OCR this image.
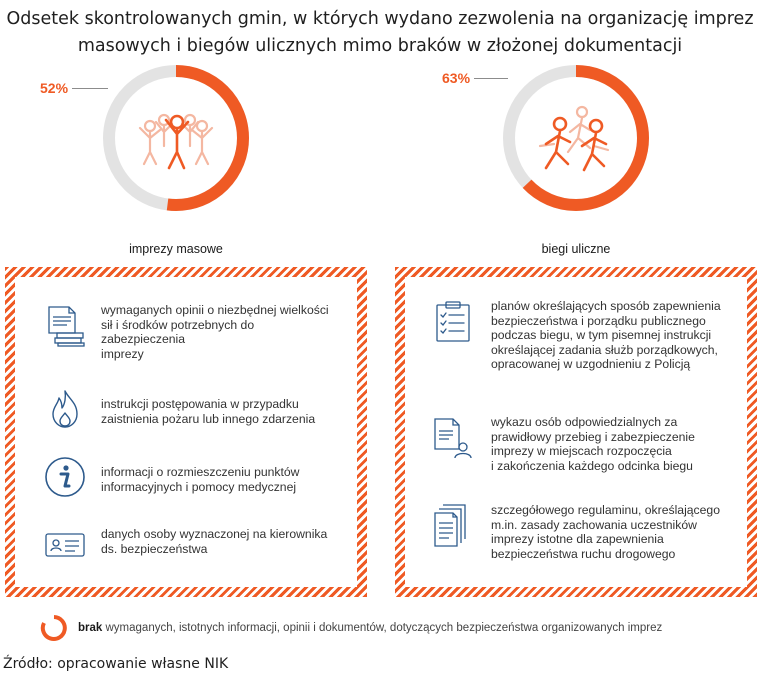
Odsetek skontrolowanych gmin, w których wydano zezwolenia na organizację imprez
masowych i biegów ulicznych mimo braków w złożonej dokumentacji
52%
imprezy masowe
63%
biegi uliczne
wymaganych opinii o niezbędnej wielkości
sił i środków potrzebnych do zabezpieczenia
imprezy
instrukcji postępowania w przypadku
zaistnienia pożaru lub innego zdarzenia
informacji o rozmieszczeniu punktów
informacyjnych i pomocy medycznej
danych osoby wyznaczonej na kierownika
ds. bezpieczeństwa
planów określających sposób zapewnienia
bezpieczeństwa i porządku publicznego
podczas biegu, w tym pisemnej instrukcji
określającej zadania służb porządkowych,
opracowanej w uzgodnieniu z Policją
wykazu osób odpowiedzialnych za
prawidłowy przebieg i zabezpieczenie
imprezy w miejscach rozpoczęcia
i zakończenia każdego odcinka biegu
szczegółowego regulaminu, określającego
m.in. zasady zachowania uczestników
imprezy istotne dla zapewnienia
bezpieczeństwa ruchu drogowego
brak wymaganych, istotnych informacji, opinii i dokumentów, dotyczących bezpieczeństwa organizowanych imprez
Źródło: opracowanie własne NIK
